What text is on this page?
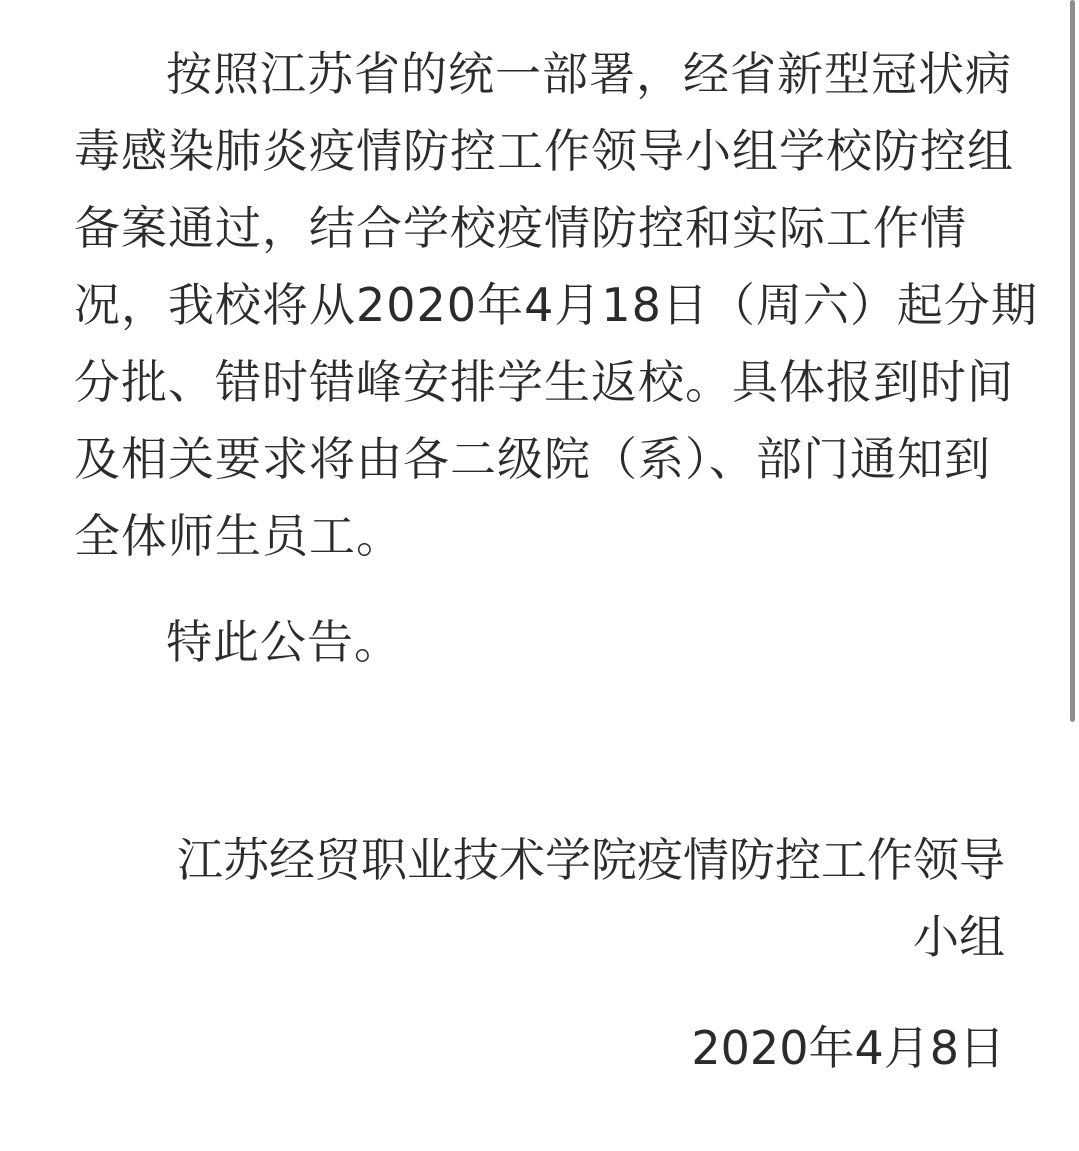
按照江苏省的统一部署，经省新型冠状病
毒感染肺炎疫情防控工作领导小组学校防控组
备案通过，结合学校疫情防控和实际工作情
况，我校将从2020年4月18日（周六）起分期
分批、错时错峰安排学生返校。具体报到时间
及相关要求将由各二级院（系）、部门通知到
全体师生员工。
特此公告。
江苏经贸职业技术学院疫情防控工作领导
小组
2020年4月8日
